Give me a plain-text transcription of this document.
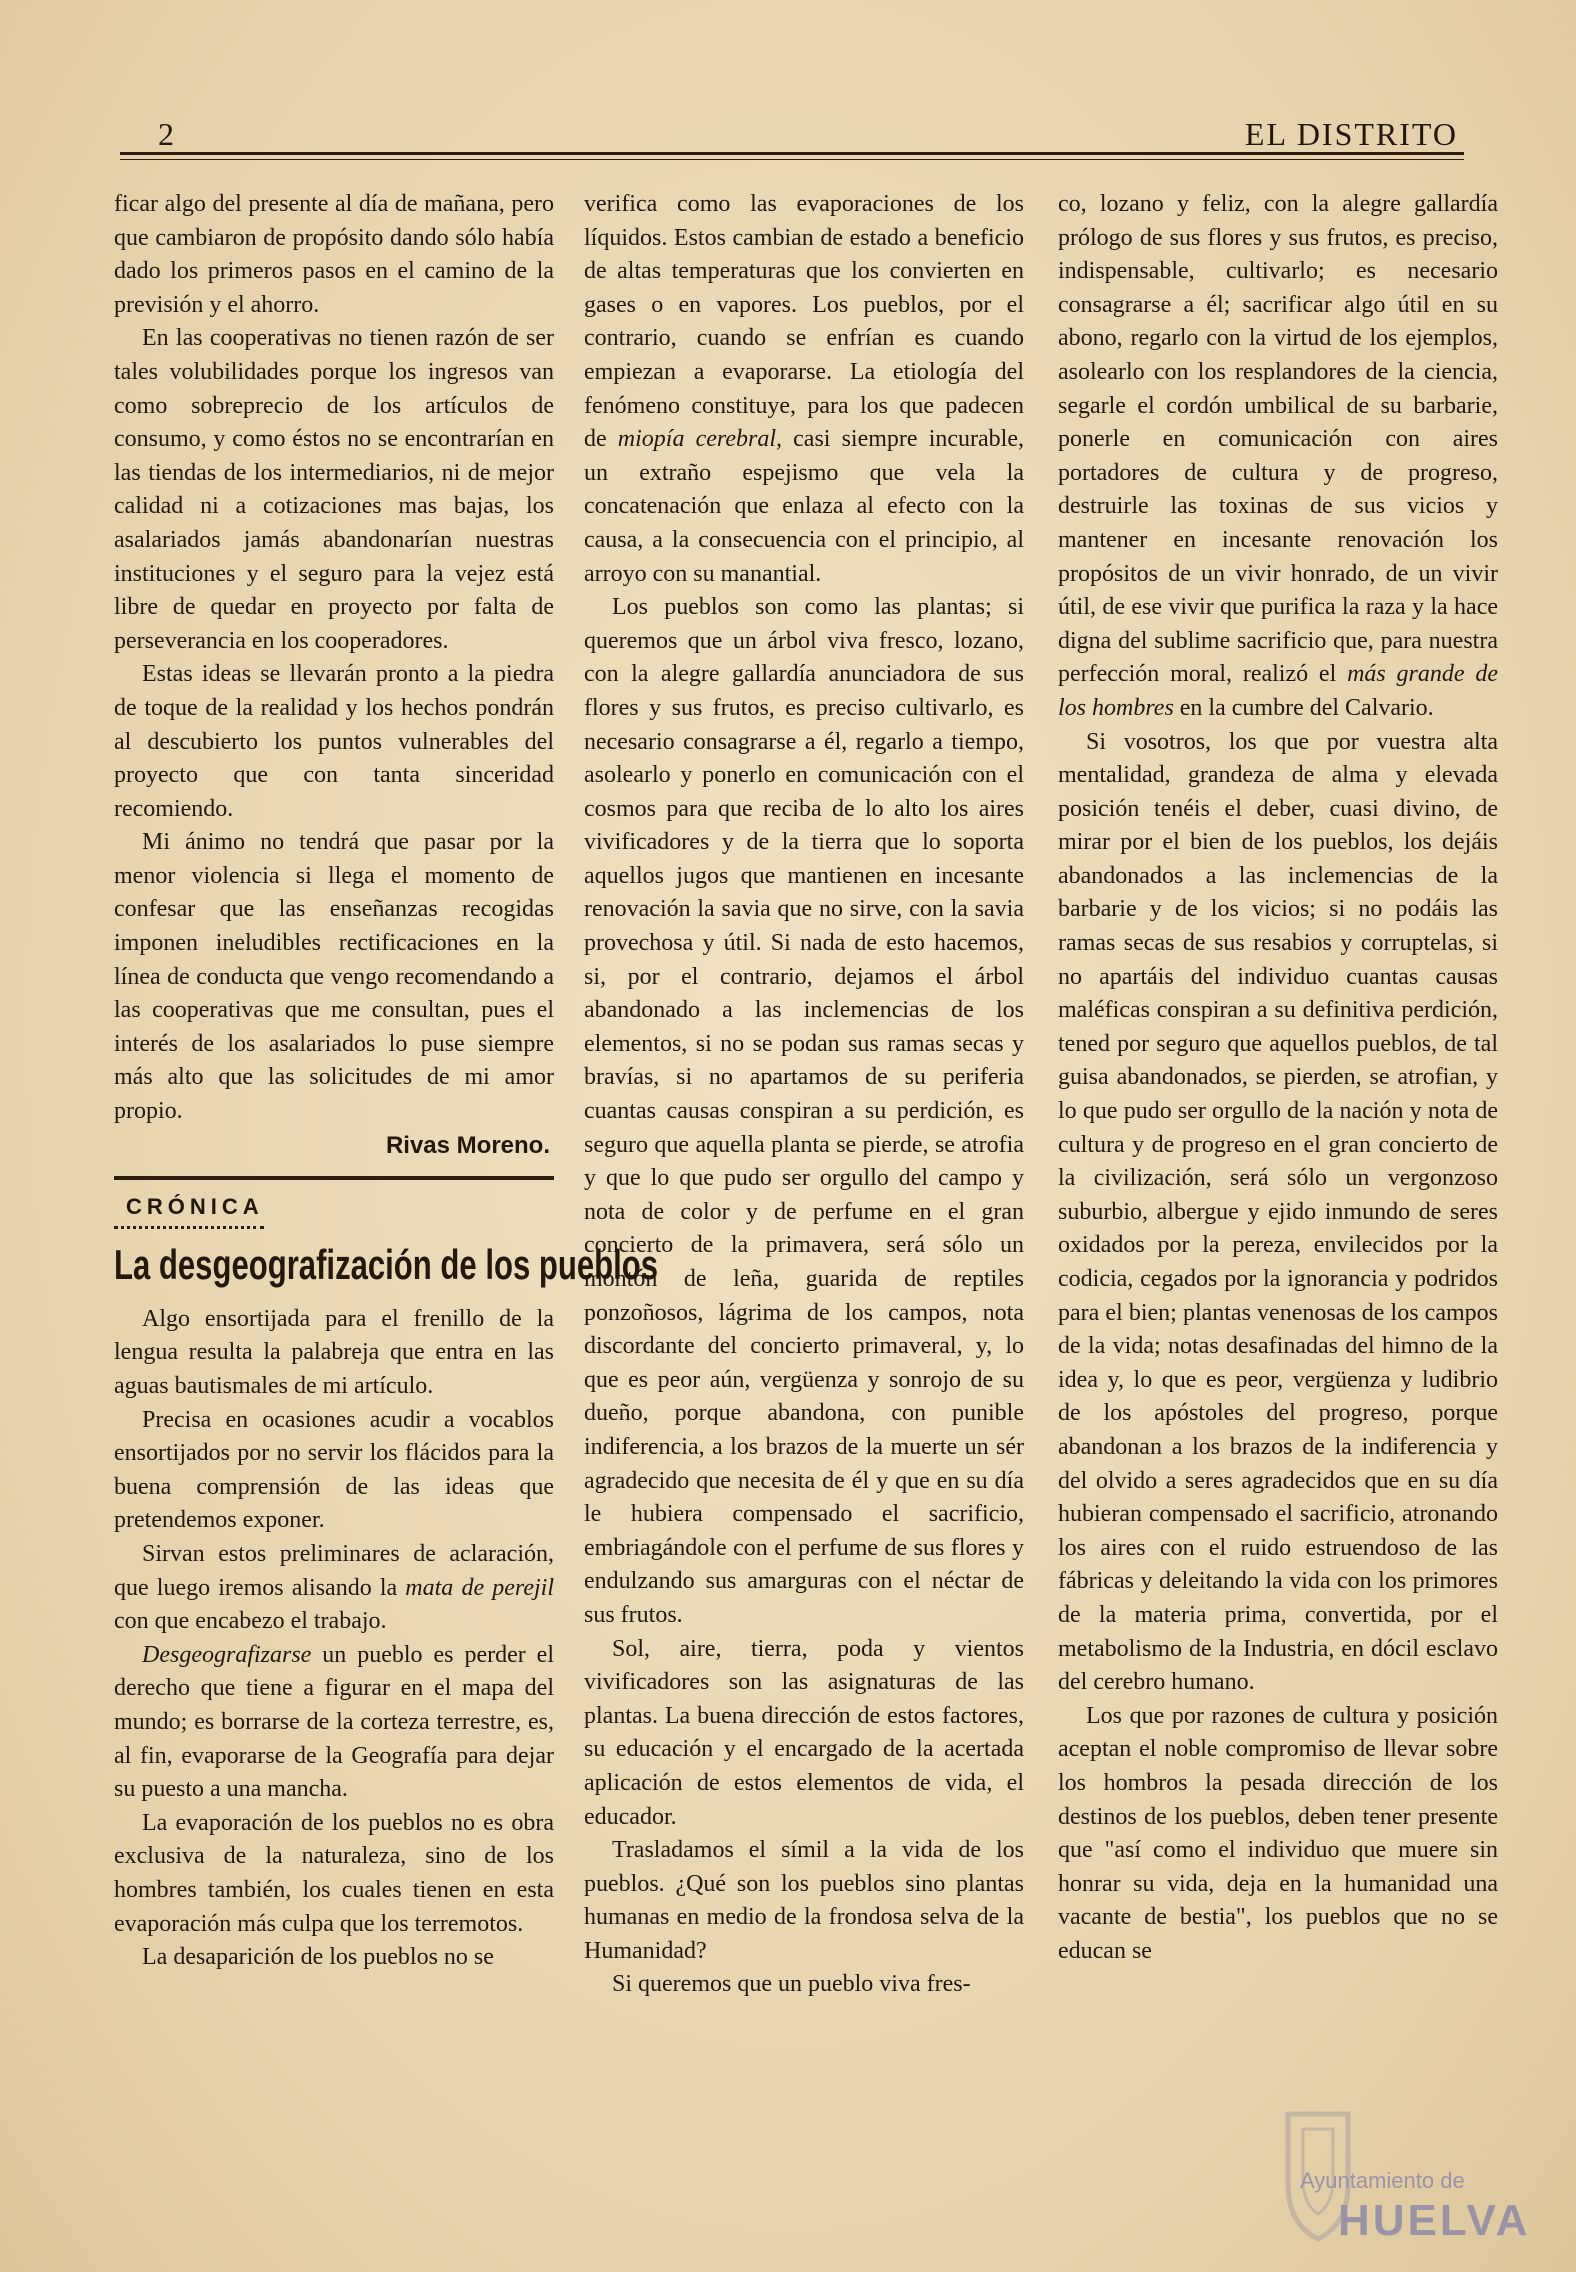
2	EL DISTRITO

ficar algo del presente al día de mañana, pero que cambiaron de propósito dando sólo había dado los primeros pasos en el camino de la previsión y el ahorro.

En las cooperativas no tienen razón de ser tales volubilidades porque los ingresos van como sobreprecio de los artículos de consumo, y como éstos no se encontrarían en las tiendas de los intermediarios, ni de mejor calidad ni a cotizaciones mas bajas, los asalariados jamás abandonarían nuestras instituciones y el seguro para la vejez está libre de quedar en proyecto por falta de perseverancia en los cooperadores.

Estas ideas se llevarán pronto a la piedra de toque de la realidad y los hechos pondrán al descubierto los puntos vulnerables del proyecto que con tanta sinceridad recomiendo.

Mi ánimo no tendrá que pasar por la menor violencia si llega el momento de confesar que las enseñanzas recogidas imponen ineludibles rectificaciones en la línea de conducta que vengo recomendando a las cooperativas que me consultan, pues el interés de los asalariados lo puse siempre más alto que las solicitudes de mi amor propio.

Rivas Moreno.

CRÓNICA
La desgeografización de los pueblos

Algo ensortijada para el frenillo de la lengua resulta la palabreja que entra en las aguas bautismales de mi artículo.

Precisa en ocasiones acudir a vocablos ensortijados por no servir los flácidos para la buena comprensión de las ideas que pretendemos exponer.

Sirvan estos preliminares de aclaración, que luego iremos alisando la mata de perejil con que encabezo el trabajo.

Desgeografizarse un pueblo es perder el derecho que tiene a figurar en el mapa del mundo; es borrarse de la corteza terrestre, es, al fin, evaporarse de la Geografía para dejar su puesto a una mancha.

La evaporación de los pueblos no es obra exclusiva de la naturaleza, sino de los hombres también, los cuales tienen en esta evaporación más culpa que los terremotos.

La desaparición de los pueblos no se

verifica como las evaporaciones de los líquidos. Estos cambian de estado a beneficio de altas temperaturas que los convierten en gases o en vapores. Los pueblos, por el contrario, cuando se enfrían es cuando empiezan a evaporarse. La etiología del fenómeno constituye, para los que padecen de miopía cerebral, casi siempre incurable, un extraño espejismo que vela la concatenación que enlaza al efecto con la causa, a la consecuencia con el principio, al arroyo con su manantial.

Los pueblos son como las plantas; si queremos que un árbol viva fresco, lozano, con la alegre gallardía anunciadora de sus flores y sus frutos, es preciso cultivarlo, es necesario consagrarse a él, regarlo a tiempo, asolearlo y ponerlo en comunicación con el cosmos para que reciba de lo alto los aires vivificadores y de la tierra que lo soporta aquellos jugos que mantienen en incesante renovación la savia que no sirve, con la savia provechosa y útil. Si nada de esto hacemos, si, por el contrario, dejamos el árbol abandonado a las inclemencias de los elementos, si no se podan sus ramas secas y bravías, si no apartamos de su periferia cuantas causas conspiran a su perdición, es seguro que aquella planta se pierde, se atrofia y que lo que pudo ser orgullo del campo y nota de color y de perfume en el gran concierto de la primavera, será sólo un montón de leña, guarida de reptiles ponzoñosos, lágrima de los campos, nota discordante del concierto primaveral, y, lo que es peor aún, vergüenza y sonrojo de su dueño, porque abandona, con punible indiferencia, a los brazos de la muerte un sér agradecido que necesita de él y que en su día le hubiera compensado el sacrificio, embriagándole con el perfume de sus flores y endulzando sus amarguras con el néctar de sus frutos.

Sol, aire, tierra, poda y vientos vivificadores son las asignaturas de las plantas. La buena dirección de estos factores, su educación y el encargado de la acertada aplicación de estos elementos de vida, el educador.

Trasladamos el símil a la vida de los pueblos. ¿Qué son los pueblos sino plantas humanas en medio de la frondosa selva de la Humanidad?

Si queremos que un pueblo viva fres-

co, lozano y feliz, con la alegre gallardía prólogo de sus flores y sus frutos, es preciso, indispensable, cultivarlo; es necesario consagrarse a él; sacrificar algo útil en su abono, regarlo con la virtud de los ejemplos, asolearlo con los resplandores de la ciencia, segarle el cordón umbilical de su barbarie, ponerle en comunicación con aires portadores de cultura y de progreso, destruirle las toxinas de sus vicios y mantener en incesante renovación los propósitos de un vivir honrado, de un vivir útil, de ese vivir que purifica la raza y la hace digna del sublime sacrificio que, para nuestra perfección moral, realizó el más grande de los hombres en la cumbre del Calvario.

Si vosotros, los que por vuestra alta mentalidad, grandeza de alma y elevada posición tenéis el deber, cuasi divino, de mirar por el bien de los pueblos, los dejáis abandonados a las inclemencias de la barbarie y de los vicios; si no podáis las ramas secas de sus resabios y corruptelas, si no apartáis del individuo cuantas causas maléficas conspiran a su definitiva perdición, tened por seguro que aquellos pueblos, de tal guisa abandonados, se pierden, se atrofian, y lo que pudo ser orgullo de la nación y nota de cultura y de progreso en el gran concierto de la civilización, será sólo un vergonzoso suburbio, albergue y ejido inmundo de seres oxidados por la pereza, envilecidos por la codicia, cegados por la ignorancia y podridos para el bien; plantas venenosas de los campos de la vida; notas desafinadas del himno de la idea y, lo que es peor, vergüenza y ludibrio de los apóstoles del progreso, porque abandonan a los brazos de la indiferencia y del olvido a seres agradecidos que en su día hubieran compensado el sacrificio, atronando los aires con el ruido estruendoso de las fábricas y deleitando la vida con los primores de la materia prima, convertida, por el metabolismo de la Industria, en dócil esclavo del cerebro humano.

Los que por razones de cultura y posición aceptan el noble compromiso de llevar sobre los hombros la pesada dirección de los destinos de los pueblos, deben tener presente que "así como el individuo que muere sin honrar su vida, deja en la humanidad una vacante de bestia", los pueblos que no se educan se

Ayuntamiento de
HUELVA
